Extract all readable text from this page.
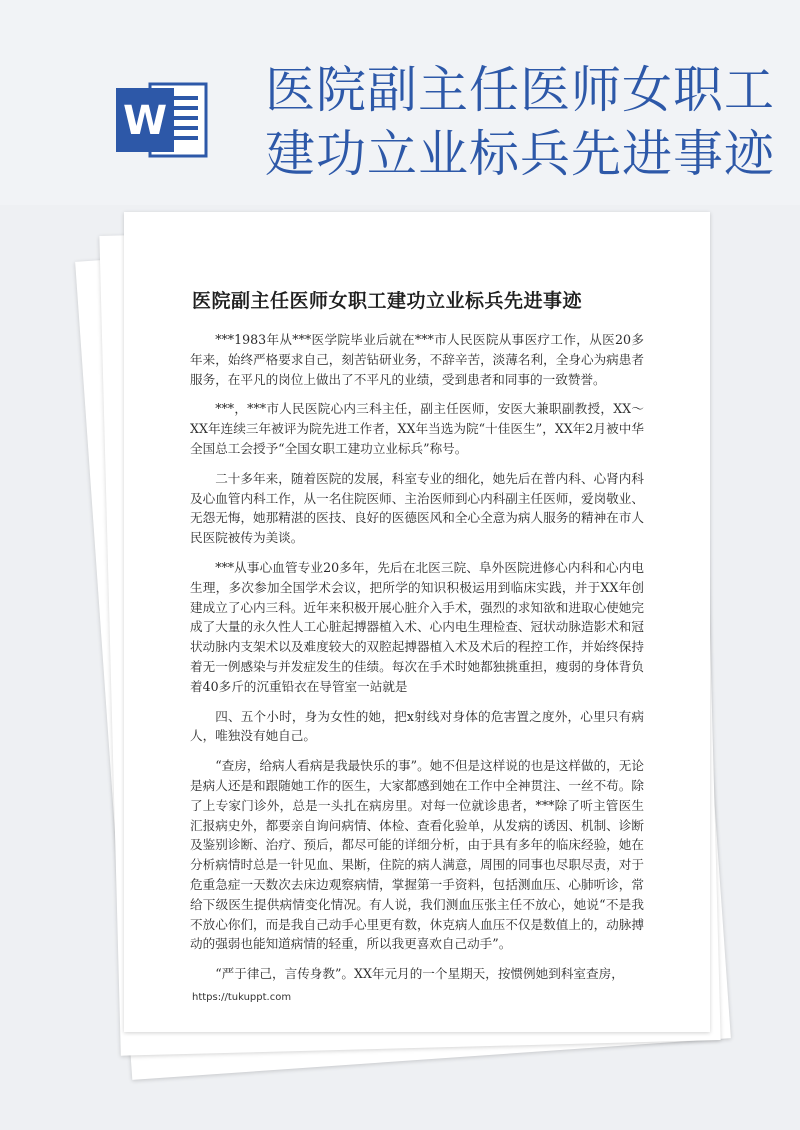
W
医院副主任医师女职工
建功立业标兵先进事迹
医院副主任医师女职工建功立业标兵先进事迹

***1983年从***医学院毕业后就在***市人民医院从事医疗工作，从医20多年来，始终严格要求自己，刻苦钻研业务，不辞辛苦，淡薄名利，全身心为病患者服务，在平凡的岗位上做出了不平凡的业绩，受到患者和同事的一致赞誉。

***，***市人民医院心内三科主任，副主任医师，安医大兼职副教授，XX～XX年连续三年被评为院先进工作者，XX年当选为院“十佳医生”，XX年2月被中华全国总工会授予“全国女职工建功立业标兵”称号。

二十多年来，随着医院的发展，科室专业的细化，她先后在普内科、心肾内科及心血管内科工作，从一名住院医师、主治医师到心内科副主任医师，爱岗敬业、无怨无悔，她那精湛的医技、良好的医德医风和全心全意为病人服务的精神在市人民医院被传为美谈。

***从事心血管专业20多年，先后在北医三院、阜外医院进修心内科和心内电生理，多次参加全国学术会议，把所学的知识积极运用到临床实践，并于XX年创建成立了心内三科。近年来积极开展心脏介入手术，强烈的求知欲和进取心使她完成了大量的永久性人工心脏起搏器植入术、心内电生理检查、冠状动脉造影术和冠状动脉内支架术以及难度较大的双腔起搏器植入术及术后的程控工作，并始终保持着无一例感染与并发症发生的佳绩。每次在手术时她都独挑重担，瘦弱的身体背负着40多斤的沉重铅衣在导管室一站就是

四、五个小时，身为女性的她，把x射线对身体的危害置之度外，心里只有病人，唯独没有她自己。

“查房，给病人看病是我最快乐的事”。她不但是这样说的也是这样做的，无论是病人还是和跟随她工作的医生，大家都感到她在工作中全神贯注、一丝不苟。除了上专家门诊外，总是一头扎在病房里。对每一位就诊患者，***除了听主管医生汇报病史外，都要亲自询问病情、体检、查看化验单，从发病的诱因、机制、诊断及鉴别诊断、治疗、预后，都尽可能的详细分析，由于具有多年的临床经验，她在分析病情时总是一针见血、果断，住院的病人满意，周围的同事也尽职尽责，对于危重急症一天数次去床边观察病情，掌握第一手资料，包括测血压、心肺听诊，常给下级医生提供病情变化情况。有人说，我们测血压张主任不放心，她说“不是我不放心你们，而是我自己动手心里更有数，休克病人血压不仅是数值上的，动脉搏动的强弱也能知道病情的轻重，所以我更喜欢自己动手”。

“严于律己，言传身教”。XX年元月的一个星期天，按惯例她到科室查房，

https://tukuppt.com
